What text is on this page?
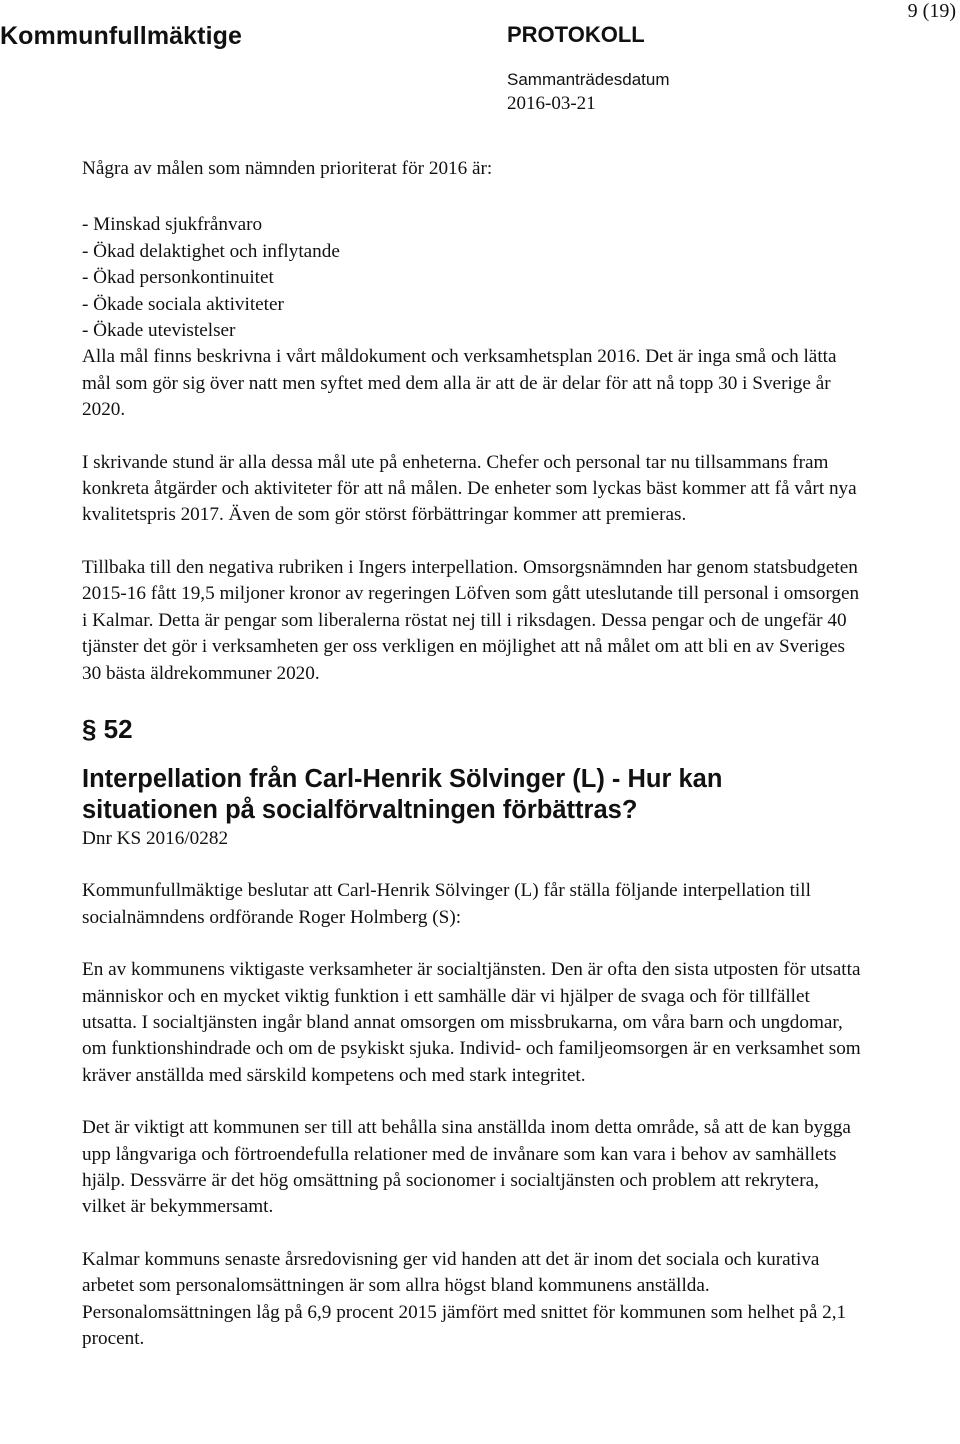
Kommunfullmäktige	PROTOKOLL
9 (19)
Sammanträdesdatum
2016-03-21

Några av målen som nämnden prioriterat för 2016 är:

- Minskad sjukfrånvaro
- Ökad delaktighet och inflytande
- Ökad personkontinuitet
- Ökade sociala aktiviteter
- Ökade utevistelser

Alla mål finns beskrivna i vårt måldokument och verksamhetsplan 2016. Det är inga små och lätta mål som gör sig över natt men syftet med dem alla är att de är delar för att nå topp 30 i Sverige år 2020.

I skrivande stund är alla dessa mål ute på enheterna. Chefer och personal tar nu tillsammans fram konkreta åtgärder och aktiviteter för att nå målen. De enheter som lyckas bäst kommer att få vårt nya kvalitetspris 2017. Även de som gör störst förbättringar kommer att premieras.

Tillbaka till den negativa rubriken i Ingers interpellation. Omsorgsnämnden har genom statsbudgeten 2015-16 fått 19,5 miljoner kronor av regeringen Löfven som gått uteslutande till personal i omsorgen i Kalmar. Detta är pengar som liberalerna röstat nej till i riksdagen. Dessa pengar och de ungefär 40 tjänster det gör i verksamheten ger oss verkligen en möjlighet att nå målet om att bli en av Sveriges 30 bästa äldrekommuner 2020.

§ 52
Interpellation från Carl-Henrik Sölvinger (L) - Hur kan situationen på socialförvaltningen förbättras?

Dnr KS 2016/0282

Kommunfullmäktige beslutar att Carl-Henrik Sölvinger (L) får ställa följande interpellation till socialnämndens ordförande Roger Holmberg (S):

En av kommunens viktigaste verksamheter är socialtjänsten. Den är ofta den sista utposten för utsatta människor och en mycket viktig funktion i ett samhälle där vi hjälper de svaga och för tillfället utsatta. I socialtjänsten ingår bland annat omsorgen om missbrukarna, om våra barn och ungdomar, om funktionshindrade och om de psykiskt sjuka. Individ- och familjeomsorgen är en verksamhet som kräver anställda med särskild kompetens och med stark integritet.

Det är viktigt att kommunen ser till att behålla sina anställda inom detta område, så att de kan bygga upp långvariga och förtroendefulla relationer med de invånare som kan vara i behov av samhällets hjälp. Dessvärre är det hög omsättning på socionomer i socialtjänsten och problem att rekrytera, vilket är bekymmersamt.

Kalmar kommuns senaste årsredovisning ger vid handen att det är inom det sociala och kurativa arbetet som personalomsättningen är som allra högst bland kommunens anställda. Personalomsättningen låg på 6,9 procent 2015 jämfört med snittet för kommunen som helhet på 2,1 procent.
